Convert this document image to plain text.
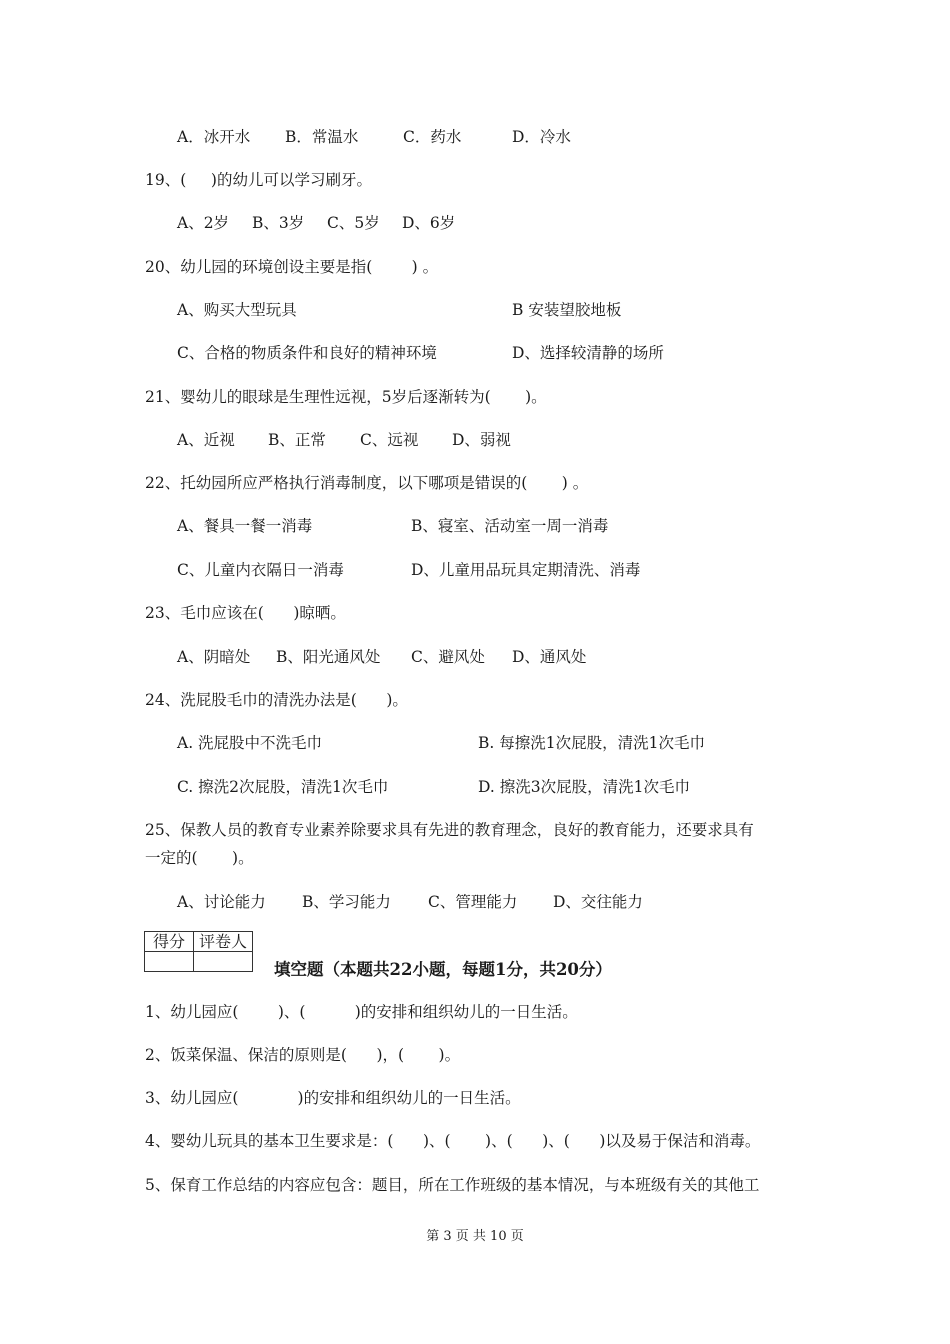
A．冰开水 B．常温水	C．药水	D．冷水
19、(     )的幼儿可以学习刷牙。
A、2岁 B、3岁 C、5岁 D、6岁
20、幼儿园的环境创设主要是指(        ) 。
A、购买大型玩具	B 安装望胶地板
C、合格的物质条件和良好的精神环境	D、选择较清静的场所
21、婴幼儿的眼球是生理性远视，5岁后逐渐转为(       )。
A、近视 B、正常 C、远视 D、弱视
22、托幼园所应严格执行消毒制度，以下哪项是错误的(       ) 。
A、餐具一餐一消毒	B、寝室、活动室一周一消毒
C、儿童内衣隔日一消毒	D、儿童用品玩具定期清洗、消毒
23、毛巾应该在(      )晾晒。
A、阴暗处 B、阳光通风处 C、避风处 D、通风处
24、洗屁股毛巾的清洗办法是(      )。
A. 洗屁股中不洗毛巾	B. 每擦洗1次屁股，清洗1次毛巾
C. 擦洗2次屁股，清洗1次毛巾	D. 擦洗3次屁股，清洗1次毛巾
25、保教人员的教育专业素养除要求具有先进的教育理念，良好的教育能力，还要求具有
一定的(       )。
A、讨论能力 B、学习能力 C、管理能力 D、交往能力
得分	评卷人

填空题（本题共22小题，每题1分，共20分）
1、幼儿园应(        )、(          )的安排和组织幼儿的一日生活。
2、饭菜保温、保洁的原则是(      )，(       )。
3、幼儿园应(            )的安排和组织幼儿的一日生活。
4、婴幼儿玩具的基本卫生要求是：(      )、(       )、(      )、(      )以及易于保洁和消毒。
5、保育工作总结的内容应包含：题目，所在工作班级的基本情况，与本班级有关的其他工
第 3 页 共 10 页
